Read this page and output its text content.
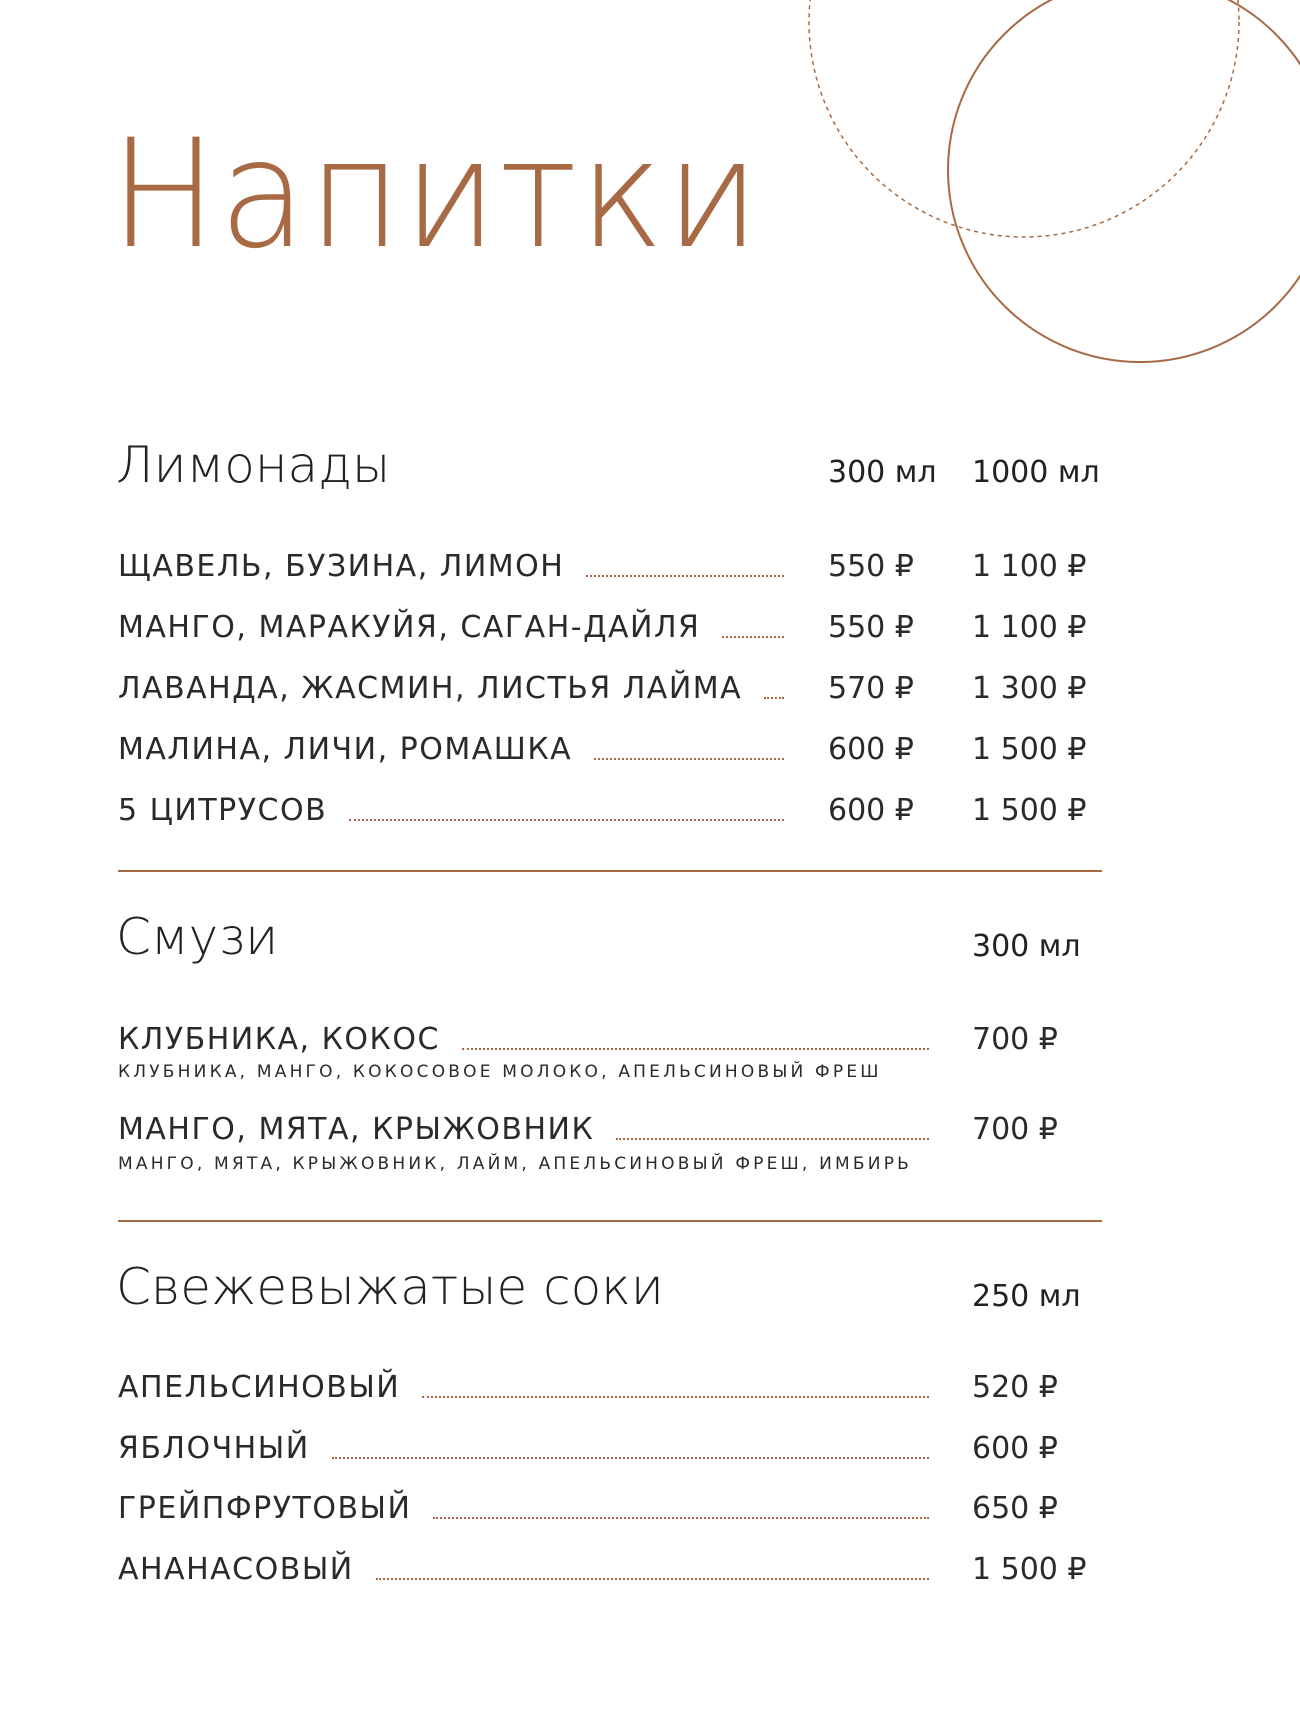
Напитки
Лимонады	300 мл 1000 мл
Смузи	300 мл
Свежевыжатые соки	250 мл
ЩАВЕЛЬ, БУЗИНА, ЛИМОН	550 ₽ 1 100 ₽
МАНГО, МАРАКУЙЯ, САГАН-ДАЙЛЯ	550 ₽ 1 100 ₽
ЛАВАНДА, ЖАСМИН, ЛИСТЬЯ ЛАЙМА	570 ₽ 1 300 ₽
МАЛИНА, ЛИЧИ, РОМАШКА	600 ₽ 1 500 ₽
5 ЦИТРУСОВ	600 ₽ 1 500 ₽
КЛУБНИКА, КОКОС	700 ₽
КЛУБНИКА, МАНГО, КОКОСОВОЕ МОЛОКО, АПЕЛЬСИНОВЫЙ ФРЕШ
МАНГО, МЯТА, КРЫЖОВНИК	700 ₽
МАНГО, МЯТА, КРЫЖОВНИК, ЛАЙМ, АПЕЛЬСИНОВЫЙ ФРЕШ, ИМБИРЬ
АПЕЛЬСИНОВЫЙ	520 ₽
ЯБЛОЧНЫЙ	600 ₽
ГРЕЙПФРУТОВЫЙ	650 ₽
АНАНАСОВЫЙ	1 500 ₽
